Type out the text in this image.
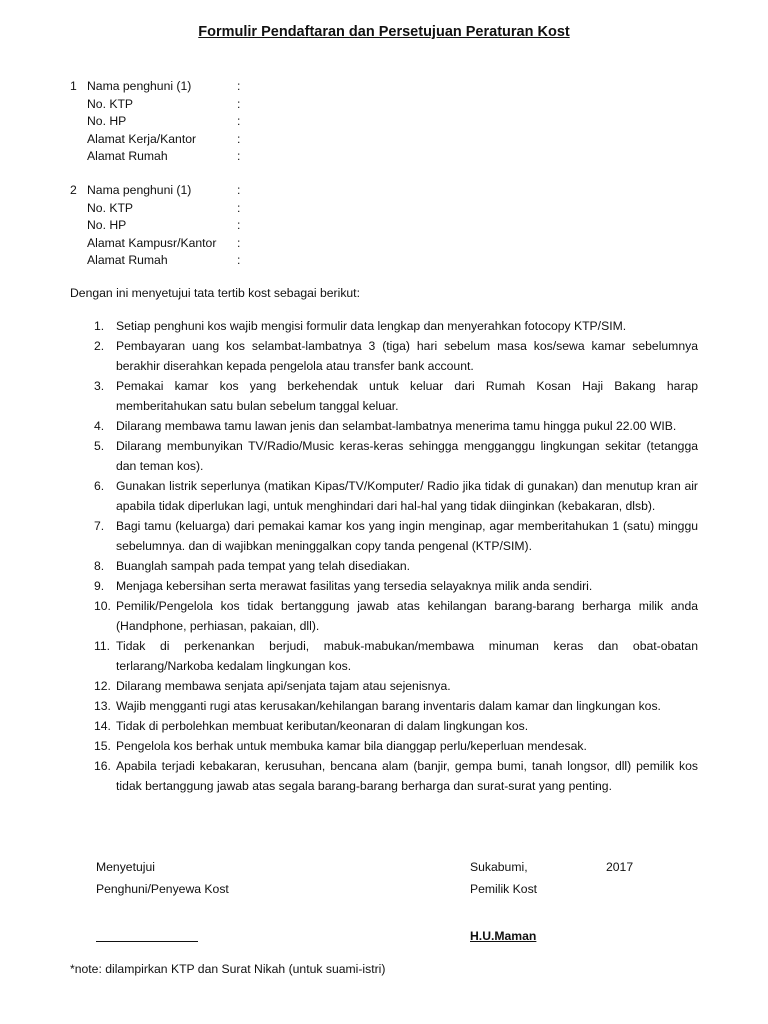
Formulir Pendaftaran dan Persetujuan Peraturan Kost
1 Nama penghuni (1)	:
No. KTP	:
No. HP	:
Alamat Kerja/Kantor	:
Alamat Rumah	:
2 Nama penghuni (1)	:
No. KTP	:
No. HP	:
Alamat Kampusr/Kantor :
Alamat Rumah	:
Dengan ini menyetujui tata tertib kost sebagai berikut:
1. Setiap penghuni kos wajib mengisi formulir data lengkap dan menyerahkan fotocopy KTP/SIM.
2. Pembayaran uang kos selambat-lambatnya 3 (tiga) hari sebelum masa kos/sewa kamar sebelumnya berakhir diserahkan kepada pengelola atau transfer bank account.
3. Pemakai kamar kos yang berkehendak untuk keluar dari Rumah Kosan Haji Bakang harap memberitahukan satu bulan sebelum tanggal keluar.
4. Dilarang membawa tamu lawan jenis dan selambat-lambatnya menerima tamu hingga pukul 22.00 WIB.
5. Dilarang membunyikan TV/Radio/Music keras-keras sehingga mengganggu lingkungan sekitar (tetangga dan teman kos).
6. Gunakan listrik seperlunya (matikan Kipas/TV/Komputer/ Radio jika tidak di gunakan) dan menutup kran air apabila tidak diperlukan lagi, untuk menghindari dari hal-hal yang tidak diinginkan (kebakaran, dlsb).
7. Bagi tamu (keluarga) dari pemakai kamar kos yang ingin menginap, agar memberitahukan 1 (satu) minggu sebelumnya. dan di wajibkan meninggalkan copy tanda pengenal (KTP/SIM).
8. Buanglah sampah pada tempat yang telah disediakan.
9. Menjaga kebersihan serta merawat fasilitas yang tersedia selayaknya milik anda sendiri.
10. Pemilik/Pengelola kos tidak bertanggung jawab atas kehilangan barang-barang berharga milik anda (Handphone, perhiasan, pakaian, dll).
11. Tidak di perkenankan berjudi, mabuk-mabukan/membawa minuman keras dan obat-obatan terlarang/Narkoba kedalam lingkungan kos.
12. Dilarang membawa senjata api/senjata tajam atau sejenisnya.
13. Wajib mengganti rugi atas kerusakan/kehilangan barang inventaris dalam kamar dan lingkungan kos.
14. Tidak di perbolehkan membuat keributan/keonaran di dalam lingkungan kos.
15. Pengelola kos berhak untuk membuka kamar bila dianggap perlu/keperluan mendesak.
16. Apabila terjadi kebakaran, kerusuhan, bencana alam (banjir, gempa bumi, tanah longsor, dll) pemilik kos tidak bertanggung jawab atas segala barang-barang berharga dan surat-surat yang penting.
Menyetujui
Penghuni/Penyewa Kost
Sukabumi,	2017
Pemilik Kost
H.U.Maman
*note: dilampirkan KTP dan Surat Nikah (untuk suami-istri)
